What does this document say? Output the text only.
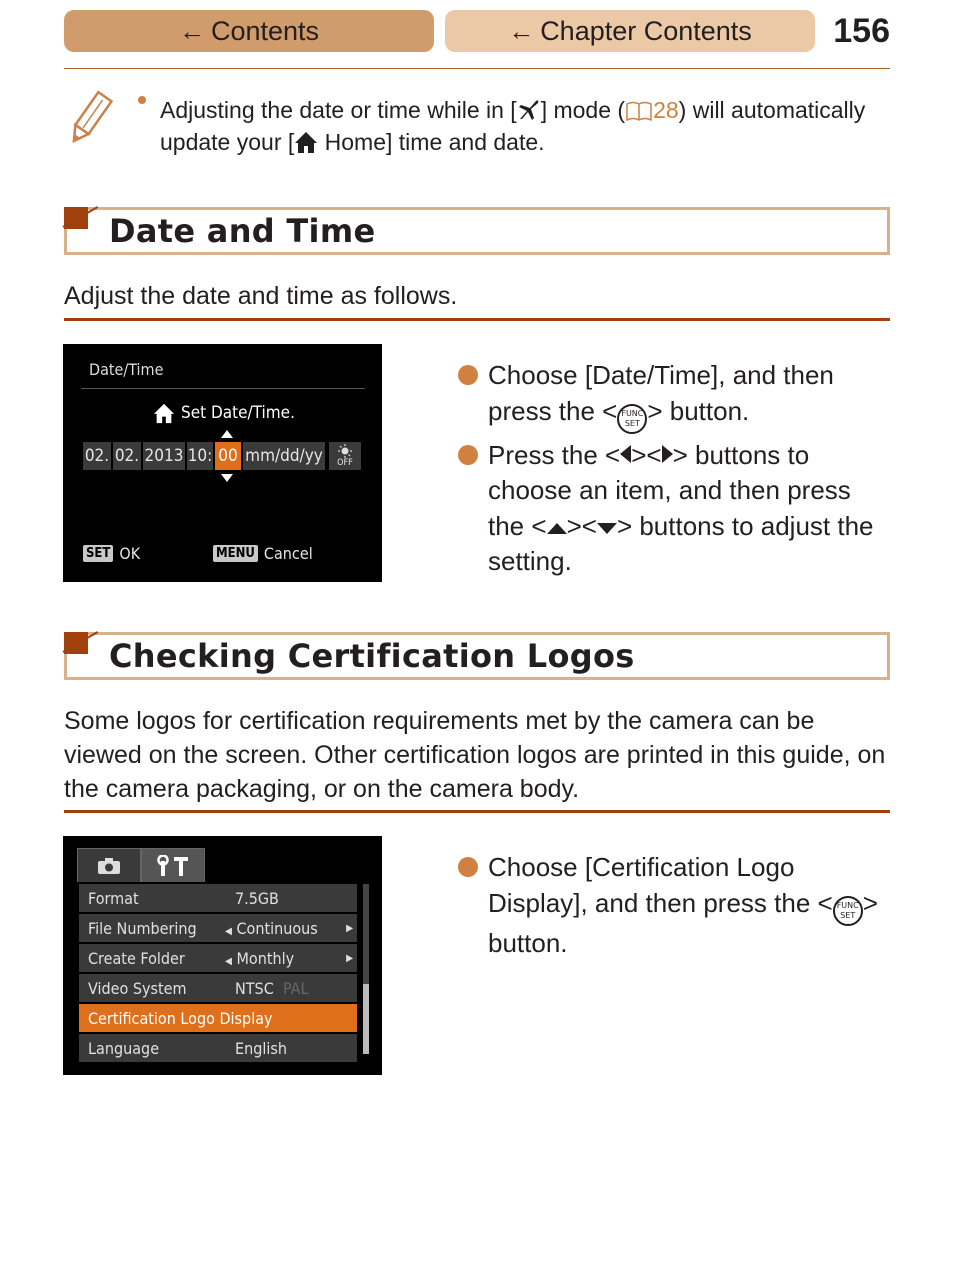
← Contents	← Chapter Contents 156
Adjusting the date or time while in [ ] mode ( 28) will automatically update your [ Home] time and date.
Date and Time
Adjust the date and time as follows.
Date/Time
Set Date/Time.
02. 02. 2013 10: 00 mm/dd/yy OFF
SET OK	MENU Cancel
Choose [Date/Time], and then press the < FUNC
SET > button.
Press the < >< > buttons to choose an item, and then press the < >< > buttons to adjust the setting.
Checking Certification Logos
Some logos for certification requirements met by the camera can be viewed on the screen. Other certification logos are printed in this guide, on the camera packaging, or on the camera body.
Format	7.5GB
File Numbering	◀ Continuous	▶
Create Folder	◀ Monthly	▶
Video System	NTSC PAL
Certification Logo Display
Language	English
Choose [Certification Logo Display], and then press the < FUNC
SET > button.
